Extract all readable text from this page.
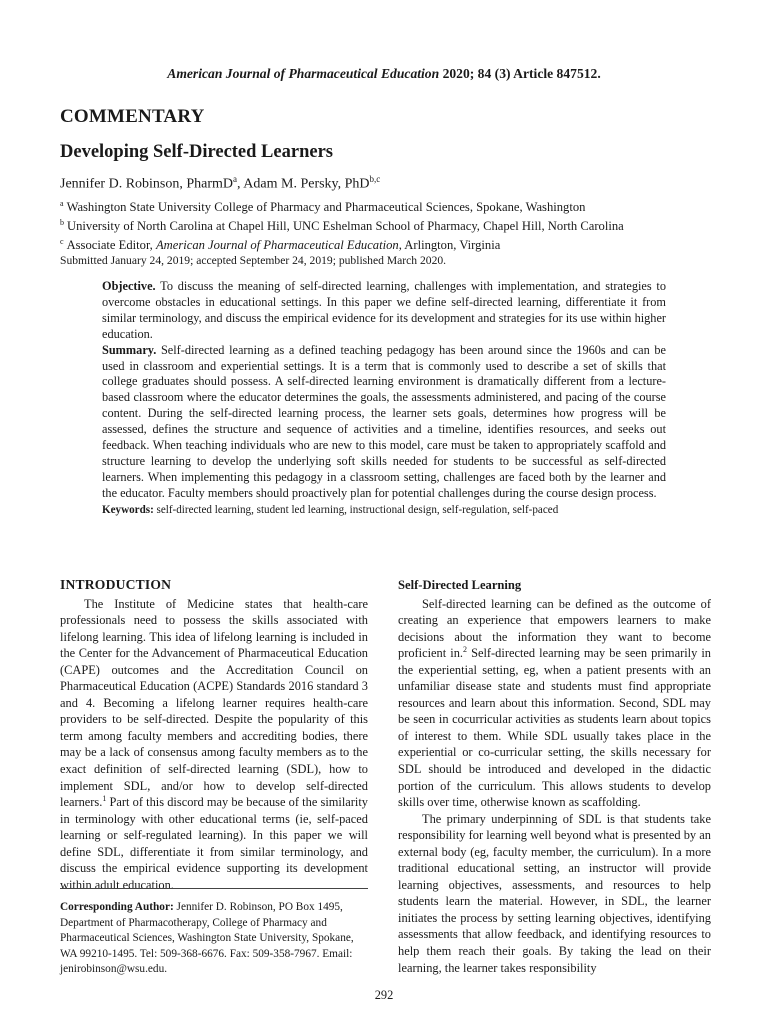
American Journal of Pharmaceutical Education 2020; 84 (3) Article 847512.
COMMENTARY
Developing Self-Directed Learners
Jennifer D. Robinson, PharmD$^a$, Adam M. Persky, PhD$^{b,c}$
$^a$ Washington State University College of Pharmacy and Pharmaceutical Sciences, Spokane, Washington
$^b$ University of North Carolina at Chapel Hill, UNC Eshelman School of Pharmacy, Chapel Hill, North Carolina
$^c$ Associate Editor, American Journal of Pharmaceutical Education, Arlington, Virginia
Submitted January 24, 2019; accepted September 24, 2019; published March 2020.

Objective. To discuss the meaning of self-directed learning, challenges with implementation, and strategies to overcome obstacles in educational settings. In this paper we define self-directed learning, differentiate it from similar terminology, and discuss the empirical evidence for its development and strategies for its use within higher education.

Summary. Self-directed learning as a defined teaching pedagogy has been around since the 1960s and can be used in classroom and experiential settings. It is a term that is commonly used to describe a set of skills that college graduates should possess. A self-directed learning environment is dramatically different from a lecture-based classroom where the educator determines the goals, the assessments administered, and pacing of the course content. During the self-directed learning process, the learner sets goals, determines how progress will be assessed, defines the structure and sequence of activities and a timeline, identifies resources, and seeks out feedback. When teaching individuals who are new to this model, care must be taken to appropriately scaffold and structure learning to develop the underlying soft skills needed for students to be successful as self-directed learners. When implementing this pedagogy in a classroom setting, challenges are faced both by the learner and the educator. Faculty members should proactively plan for potential challenges during the course design process.

Keywords: self-directed learning, student led learning, instructional design, self-regulation, self-paced

INTRODUCTION

The Institute of Medicine states that health-care professionals need to possess the skills associated with lifelong learning. This idea of lifelong learning is included in the Center for the Advancement of Pharmaceutical Education (CAPE) outcomes and the Accreditation Council on Pharmaceutical Education (ACPE) Standards 2016 standard 3 and 4. Becoming a lifelong learner requires health-care providers to be self-directed. Despite the popularity of this term among faculty members and accrediting bodies, there may be a lack of consensus among faculty members as to the exact definition of self-directed learning (SDL), how to implement SDL, and/or how to develop self-directed learners.$^1$ Part of this discord may be because of the similarity in terminology with other educational terms (ie, self-paced learning or self-regulated learning). In this paper we will define SDL, differentiate it from similar terminology, and discuss the empirical evidence supporting its development within adult education.

Corresponding Author: Jennifer D. Robinson, PO Box 1495, Department of Pharmacotherapy, College of Pharmacy and Pharmaceutical Sciences, Washington State University, Spokane, WA 99210-1495. Tel: 509-368-6676. Fax: 509-358-7967. Email: jenirobinson@wsu.edu.
Self-Directed Learning

Self-directed learning can be defined as the outcome of creating an experience that empowers learners to make decisions about the information they want to become proficient in.$^2$ Self-directed learning may be seen primarily in the experiential setting, eg, when a patient presents with an unfamiliar disease state and students must find appropriate resources and learn about this information. Second, SDL may be seen in cocurricular activities as students learn about topics of interest to them. While SDL usually takes place in the experiential or co-curricular setting, the skills necessary for SDL should be introduced and developed in the didactic portion of the curriculum. This allows students to develop skills over time, otherwise known as scaffolding.

The primary underpinning of SDL is that students take responsibility for learning well beyond what is presented by an external body (eg, faculty member, the curriculum). In a more traditional educational setting, an instructor will provide learning objectives, assessments, and resources to help students learn the material. However, in SDL, the learner initiates the process by setting learning objectives, identifying assessments that allow feedback, and identifying resources to help them reach their goals. By taking the lead on their learning, the learner takes responsibility

292
